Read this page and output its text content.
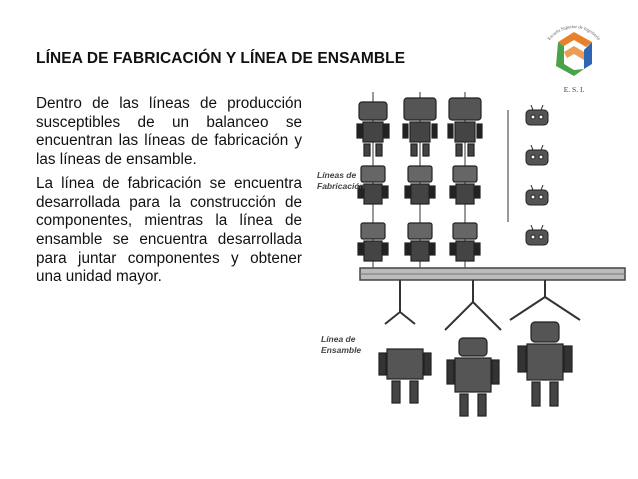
LÍNEA DE FABRICACIÓN Y LÍNEA DE ENSAMBLE

Dentro de las líneas de producción susceptibles de un balanceo se encuentran las líneas de fabricación y las líneas de ensamble.

La línea de fabricación se encuentra desarrollada para la construcción de componentes, mientras la línea de ensamble se encuentra desarrollada para juntar componentes y obtener una unidad mayor.

Escuela Superior de Ingeniería
E. S. I.
Líneas de
Fabricación
Línea de
Ensamble
